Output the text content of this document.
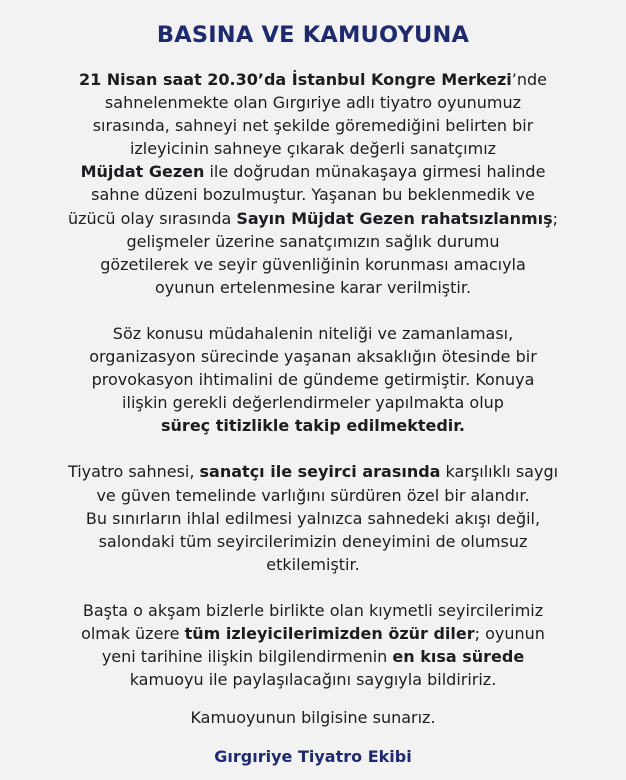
BASINA VE KAMUOYUNA
21 Nisan saat 20.30’da İstanbul Kongre Merkezi’nde
sahnelenmekte olan Gırgıriye adlı tiyatro oyunumuz
sırasında, sahneyi net şekilde göremediğini belirten bir
izleyicinin sahneye çıkarak değerli sanatçımız
Müjdat Gezen ile doğrudan münakaşaya girmesi halinde
sahne düzeni bozulmuştur. Yaşanan bu beklenmedik ve
üzücü olay sırasında Sayın Müjdat Gezen rahatsızlanmış;
gelişmeler üzerine sanatçımızın sağlık durumu
gözetilerek ve seyir güvenliğinin korunması amacıyla
oyunun ertelenmesine karar verilmiştir.
Söz konusu müdahalenin niteliği ve zamanlaması,
organizasyon sürecinde yaşanan aksaklığın ötesinde bir
provokasyon ihtimalini de gündeme getirmiştir. Konuya
ilişkin gerekli değerlendirmeler yapılmakta olup
süreç titizlikle takip edilmektedir.
Tiyatro sahnesi, sanatçı ile seyirci arasında karşılıklı saygı
ve güven temelinde varlığını sürdüren özel bir alandır.
Bu sınırların ihlal edilmesi yalnızca sahnedeki akışı değil,
salondaki tüm seyircilerimizin deneyimini de olumsuz
etkilemiştir.
Başta o akşam bizlerle birlikte olan kıymetli seyircilerimiz
olmak üzere tüm izleyicilerimizden özür diler; oyunun
yeni tarihine ilişkin bilgilendirmenin en kısa sürede
kamuoyu ile paylaşılacağını saygıyla bildiririz.
Kamuoyunun bilgisine sunarız.
Gırgıriye Tiyatro Ekibi
